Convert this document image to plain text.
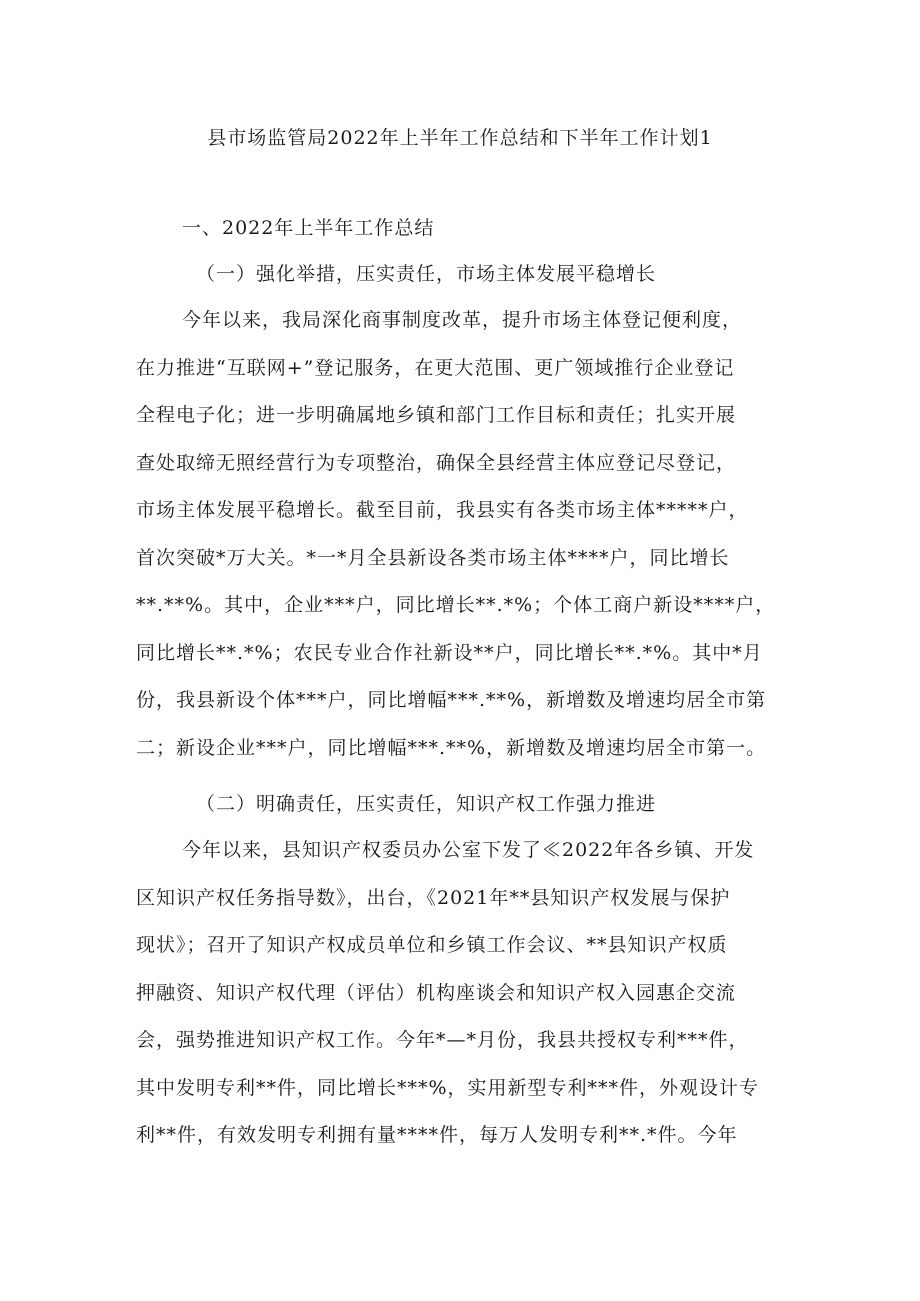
县市场监管局2022年上半年工作总结和下半年工作计划1
一、2022年上半年工作总结
（一）强化举措，压实责任，市场主体发展平稳增长
今年以来，我局深化商事制度改革，提升市场主体登记便利度，
在力推进“互联网+”登记服务，在更大范围、更广领域推行企业登记
全程电子化；进一步明确属地乡镇和部门工作目标和责任；扎实开展
查处取缔无照经营行为专项整治，确保全县经营主体应登记尽登记，
市场主体发展平稳增长。截至目前，我县实有各类市场主体*****户，
首次突破*万大关。*一*月全县新设各类市场主体****户，同比增长
**.**%。其中，企业***户，同比增长**.*%；个体工商户新设****户，
同比增长**.*%；农民专业合作社新设**户，同比增长**.*%。其中*月
份，我县新设个体***户，同比增幅***.**%，新增数及增速均居全市第
二；新设企业***户，同比增幅***.**%，新增数及增速均居全市第一。
（二）明确责任，压实责任，知识产权工作强力推进
今年以来，县知识产权委员办公室下发了≪2022年各乡镇、开发
区知识产权任务指导数》，出台，《2021年**县知识产权发展与保护
现状》；召开了知识产权成员单位和乡镇工作会议、**县知识产权质
押融资、知识产权代理（评估）机构座谈会和知识产权入园惠企交流
会，强势推进知识产权工作。今年*—*月份，我县共授权专利***件，
其中发明专利**件，同比增长***%，实用新型专利***件，外观设计专
利**件，有效发明专利拥有量****件，每万人发明专利**.*件。今年
